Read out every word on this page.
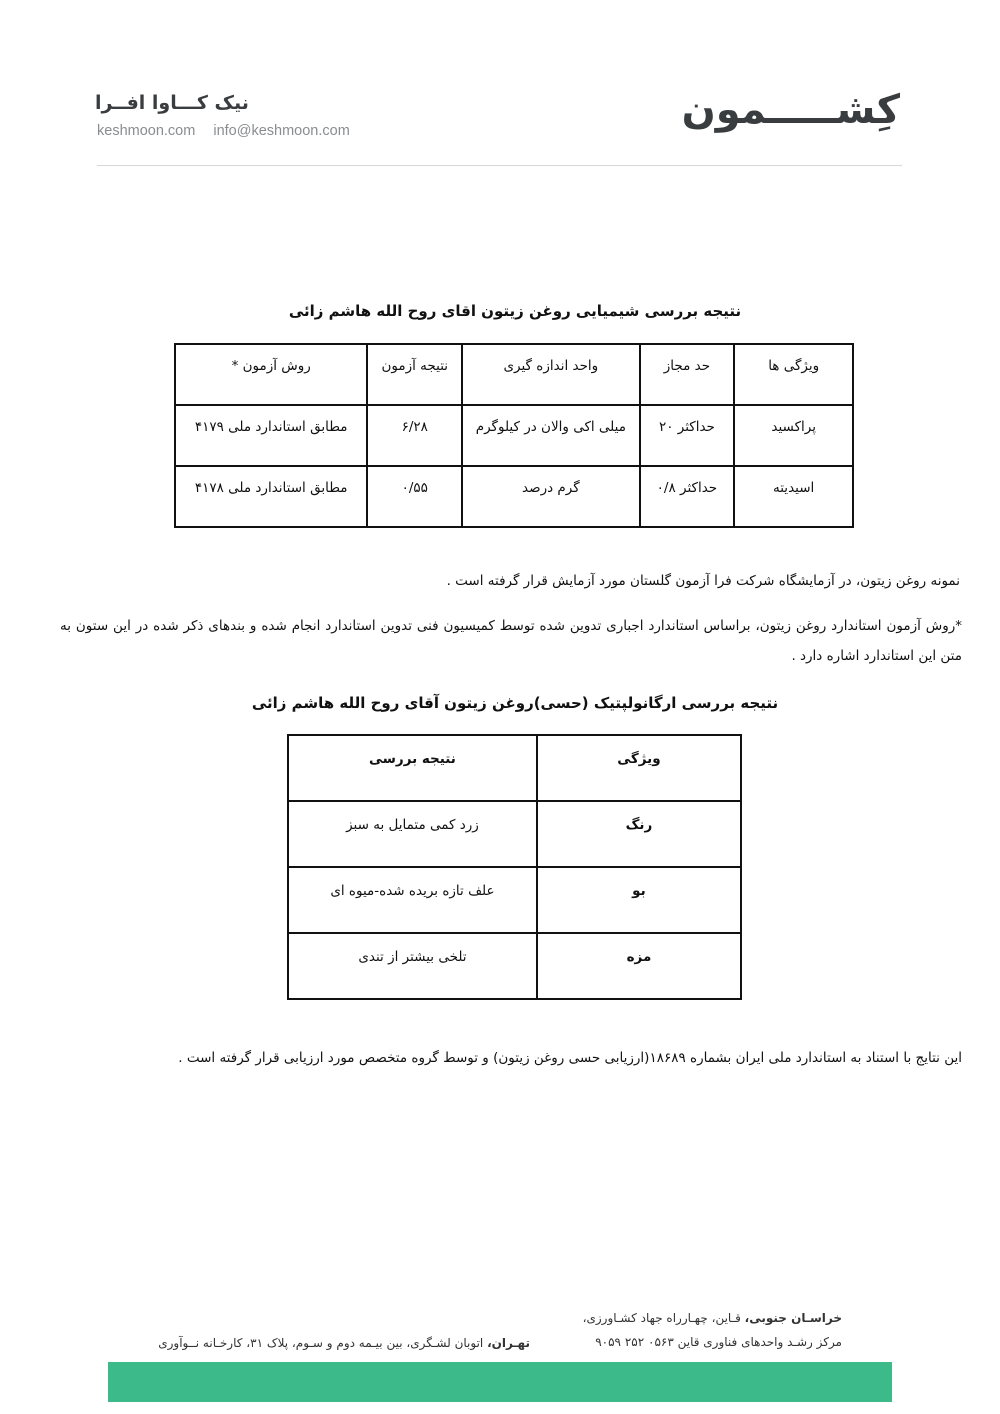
کِشـــــمون
نیک کـــاوا افــرا
keshmoon.com info@keshmoon.com
نتیجه بررسی شیمیایی روغن زیتون اقای روح الله هاشم زائی
ویژگی ها	حد مجاز	واحد اندازه گیری	نتیجه آزمون	روش آزمون *
پراکسید	حداکثر ۲۰	میلی اکی والان در کیلوگرم	۶/۲۸	مطابق استاندارد ملی ۴۱۷۹
اسیدیته	حداکثر ۰/۸	گرم درصد	۰/۵۵	مطابق استاندارد ملی ۴۱۷۸
نمونه روغن زیتون، در آزمایشگاه شرکت فرا آزمون گلستان مورد آزمایش قرار گرفته است .
*روش آزمون استاندارد روغن زیتون، براساس استاندارد اجباری تدوین شده توسط کمیسیون فنی تدوین استاندارد انجام شده و بندهای ذکر شده در این ستون به متن این استاندارد اشاره دارد .
نتیجه بررسی ارگانولپتیک (حسی)روغن زیتون آقای روح الله هاشم زائی
ویژگی	نتیجه بررسی
رنگ	زرد کمی متمایل به سبز
بو	علف تازه بریده شده-میوه ای
مزه	تلخی بیشتر از تندی
این نتایج با استناد به استاندارد ملی ایران بشماره ۱۸۶۸۹(ارزیابی حسی روغن زیتون) و توسط گروه متخصص مورد ارزیابی قرار گرفته است .
خراسـان جنوبی، قـاین، چهـارراه جهاد کشـاورزی،
مرکز رشـد واحدهای فناوری قاین ۰۵۶۳ ۲۵۲ ۹۰۵۹
تهـران، اتوبان لشـگری، بین بیـمه دوم و سـوم، پلاک ۳۱، کارخـانه نــوآوری
